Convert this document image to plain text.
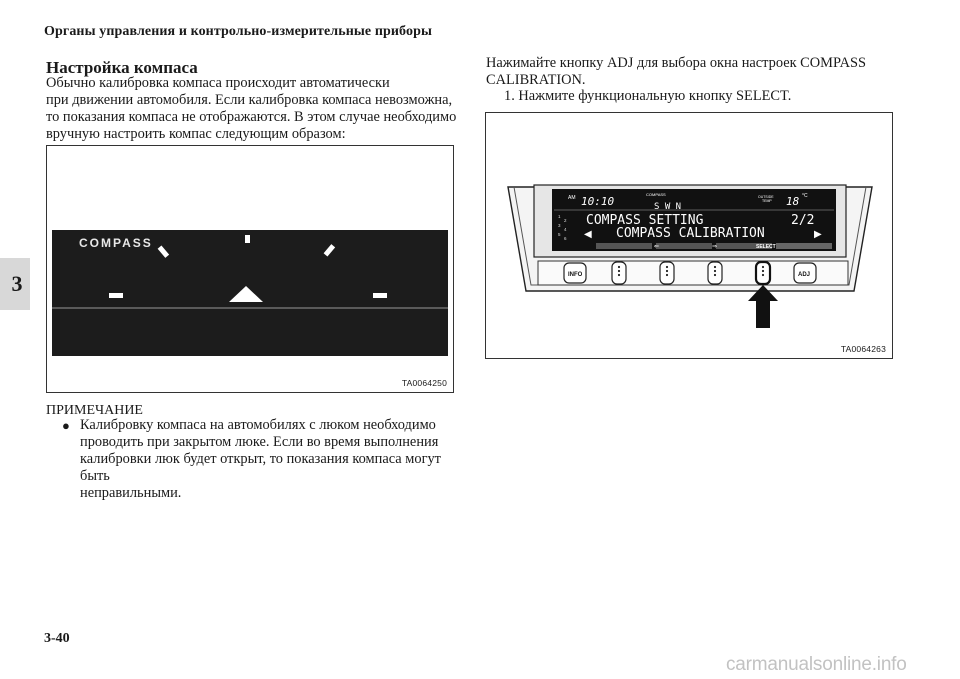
Органы управления и контрольно-измерительные приборы
3
Настройка компаса
Обычно калибровка компаса происходит автоматически
при движении автомобиля. Если калибровка компаса невозможна,
то показания компаса не отображаются. В этом случае необходимо
вручную настроить компас следующим образом:
COMPASS
TA0064250
ПРИМЕЧАНИЕ
● Калибровку компаса на автомобилях с люком необходимо
проводить при закрытом люке. Если во время выполнения
калибровки люк будет открыт, то показания компаса могут быть
неправильными.
Нажимайте кнопку ADJ для выбора окна настроек COMPASS
CALIBRATION.
1. Нажмите функциональную кнопку SELECT.
AM 10:10
COMPASS
S W N
OUTSIDE
TEMP 18 °C
1
2
3
4
5
6
COMPASS SETTING	2/2
◀ COMPASS CALIBRATION	▶
⇐	⇒	SELECT
INFO	ADJ
TA0064263
3-40
carmanualsonline.info
